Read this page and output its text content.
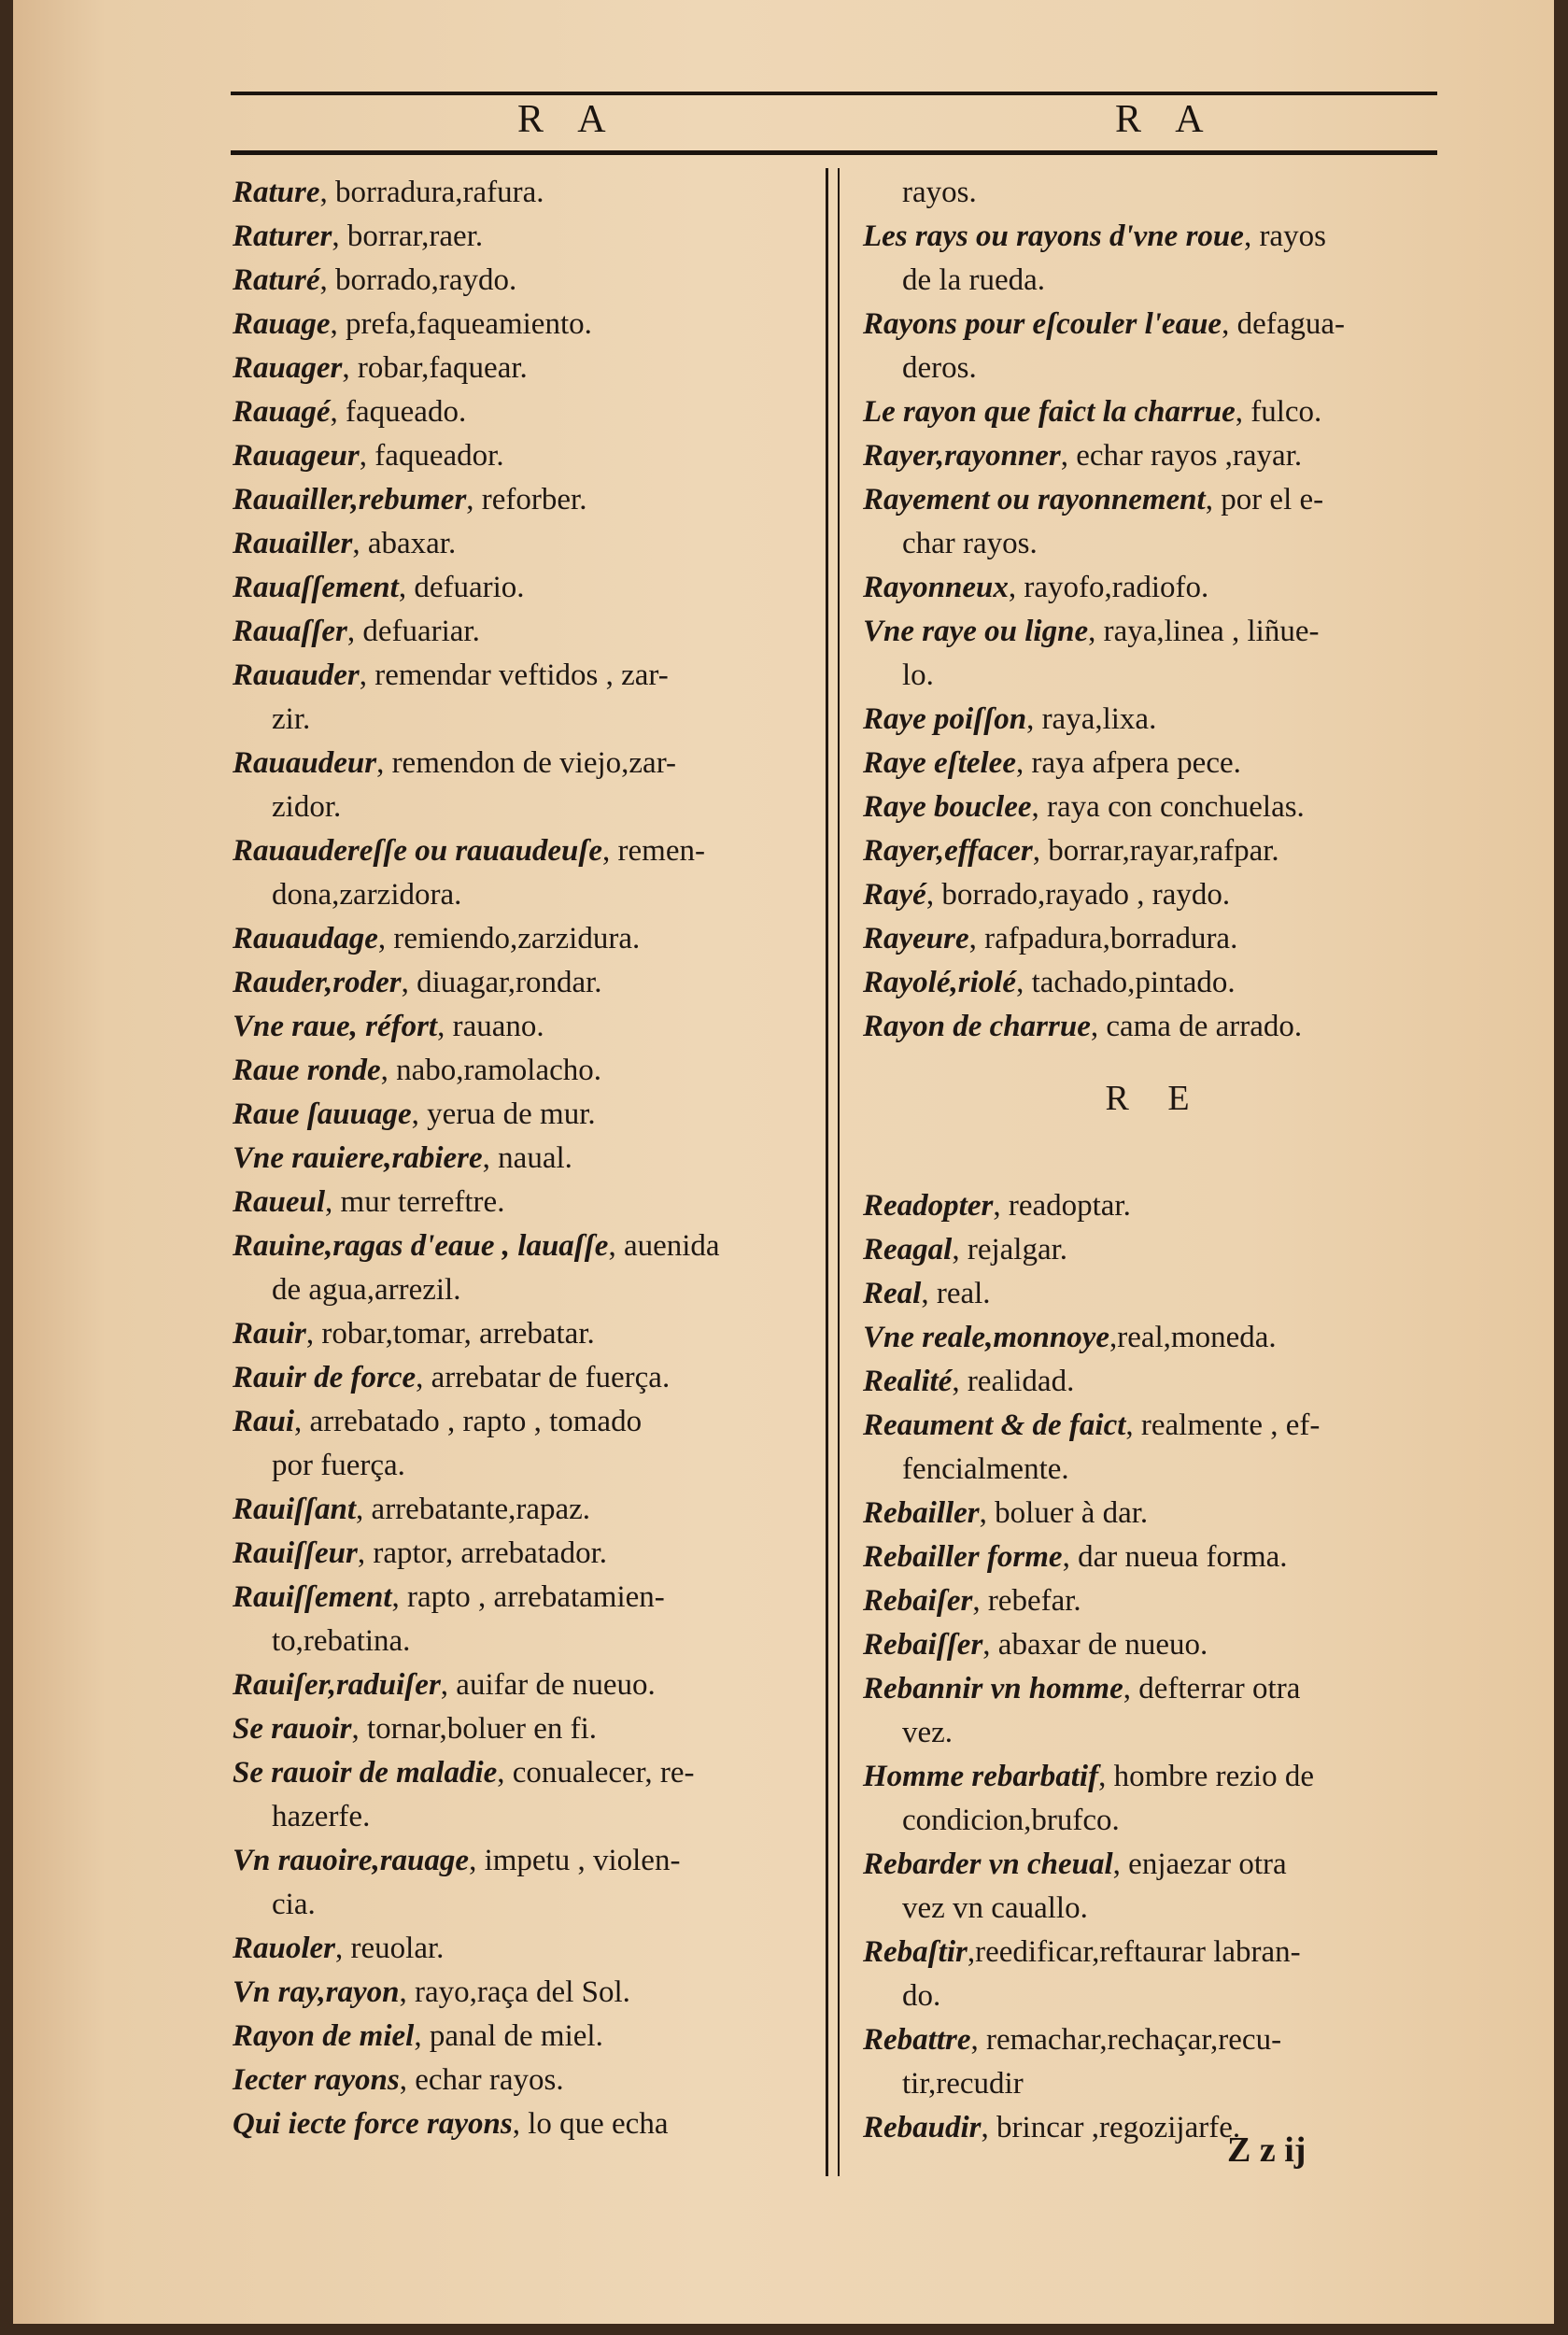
R A	R A

Rature, borradura,rafura.

Raturer, borrar,raer.

Raturé, borrado,raydo.

Rauage, prefa,faqueamiento.

Rauager, robar,faquear.

Rauagé, faqueado.

Rauageur, faqueador.

Rauailler,rebumer, reforber.

Rauailler, abaxar.

Rauaſſement, defuario.

Rauaſſer, defuariar.

Rauauder, remendar veftidos , zar-

zir.

Rauaudeur, remendon de viejo,zar-

zidor.

Rauaudereſſe ou rauaudeuſe, remen-

dona,zarzidora.

Rauaudage, remiendo,zarzidura.

Rauder,roder, diuagar,rondar.

Vne raue, réfort, rauano.

Raue ronde, nabo,ramolacho.

Raue ſauuage, yerua de mur.

Vne rauiere,rabiere, naual.

Raueul, mur terreftre.

Rauine,ragas d'eaue , lauaſſe, auenida

de agua,arrezil.

Rauir, robar,tomar, arrebatar.

Rauir de force, arrebatar de fuerça.

Raui, arrebatado , rapto , tomado

por fuerça.

Rauiſſant, arrebatante,rapaz.

Rauiſſeur, raptor, arrebatador.

Rauiſſement, rapto , arrebatamien-

to,rebatina.

Rauiſer,raduiſer, auifar de nueuo.

Se rauoir, tornar,boluer en fi.

Se rauoir de maladie, conualecer, re-

hazerfe.

Vn rauoire,rauage, impetu , violen-

cia.

Rauoler, reuolar.

Vn ray,rayon, rayo,raça del Sol.

Rayon de miel, panal de miel.

Iecter rayons, echar rayos.

Qui iecte force rayons, lo que echa

rayos.

Les rays ou rayons d'vne roue, rayos

de la rueda.

Rayons pour eſcouler l'eaue, defagua-

deros.

Le rayon que faict la charrue, fulco.

Rayer,rayonner, echar rayos ,rayar.

Rayement ou rayonnement, por el e-

char rayos.

Rayonneux, rayofo,radiofo.

Vne raye ou ligne, raya,linea , liñue-

lo.

Raye poiſſon, raya,lixa.

Raye eſtelee, raya afpera pece.

Raye bouclee, raya con conchuelas.

Rayer,effacer, borrar,rayar,rafpar.

Rayé, borrado,rayado , raydo.

Rayeure, rafpadura,borradura.

Rayolé,riolé, tachado,pintado.

Rayon de charrue, cama de arrado.

R E

Readopter, readoptar.

Reagal, rejalgar.

Real, real.

Vne reale,monnoye,real,moneda.

Realité, realidad.

Reaument & de faict, realmente , ef-

fencialmente.

Rebailler, boluer à dar.

Rebailler forme, dar nueua forma.

Rebaiſer, rebefar.

Rebaiſſer, abaxar de nueuo.

Rebannir vn homme, defterrar otra

vez.

Homme rebarbatif, hombre rezio de

condicion,brufco.

Rebarder vn cheual, enjaezar otra

vez vn cauallo.

Rebaſtir,reedificar,reftaurar labran-

do.

Rebattre, remachar,rechaçar,recu-

tir,recudir

Rebaudir, brincar ,regozijarfe.

Z z ij
